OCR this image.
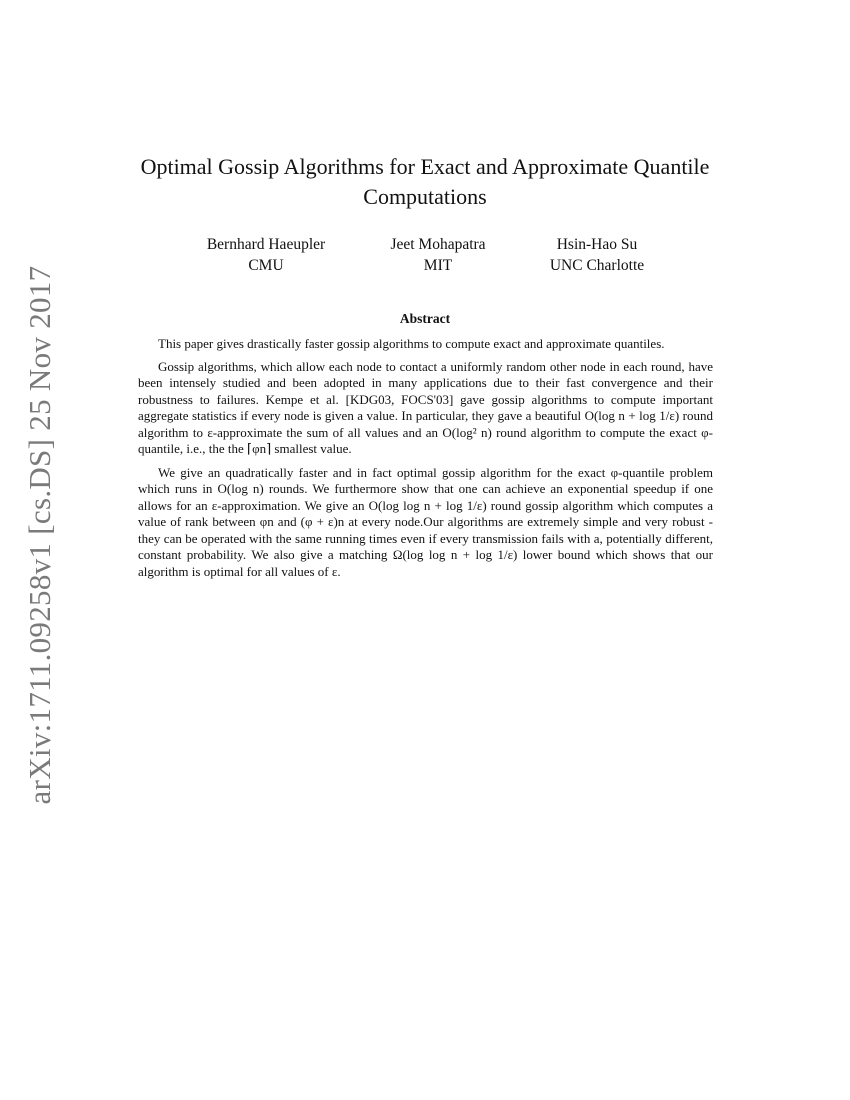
arXiv:1711.09258v1 [cs.DS] 25 Nov 2017
Optimal Gossip Algorithms for Exact and Approximate Quantile Computations
Bernhard Haeupler
CMU
Jeet Mohapatra
MIT
Hsin-Hao Su
UNC Charlotte
Abstract

This paper gives drastically faster gossip algorithms to compute exact and approximate quantiles.

Gossip algorithms, which allow each node to contact a uniformly random other node in each round, have been intensely studied and been adopted in many applications due to their fast convergence and their robustness to failures. Kempe et al. [KDG03, FOCS'03] gave gossip algorithms to compute important aggregate statistics if every node is given a value. In particular, they gave a beautiful O(log n + log 1/ε) round algorithm to ε-approximate the sum of all values and an O(log² n) round algorithm to compute the exact φ-quantile, i.e., the the ⌈φn⌉ smallest value.

We give an quadratically faster and in fact optimal gossip algorithm for the exact φ-quantile problem which runs in O(log n) rounds. We furthermore show that one can achieve an exponential speedup if one allows for an ε-approximation. We give an O(log log n + log 1/ε) round gossip algorithm which computes a value of rank between φn and (φ + ε)n at every node.Our algorithms are extremely simple and very robust - they can be operated with the same running times even if every transmission fails with a, potentially different, constant probability. We also give a matching Ω(log log n + log 1/ε) lower bound which shows that our algorithm is optimal for all values of ε.
